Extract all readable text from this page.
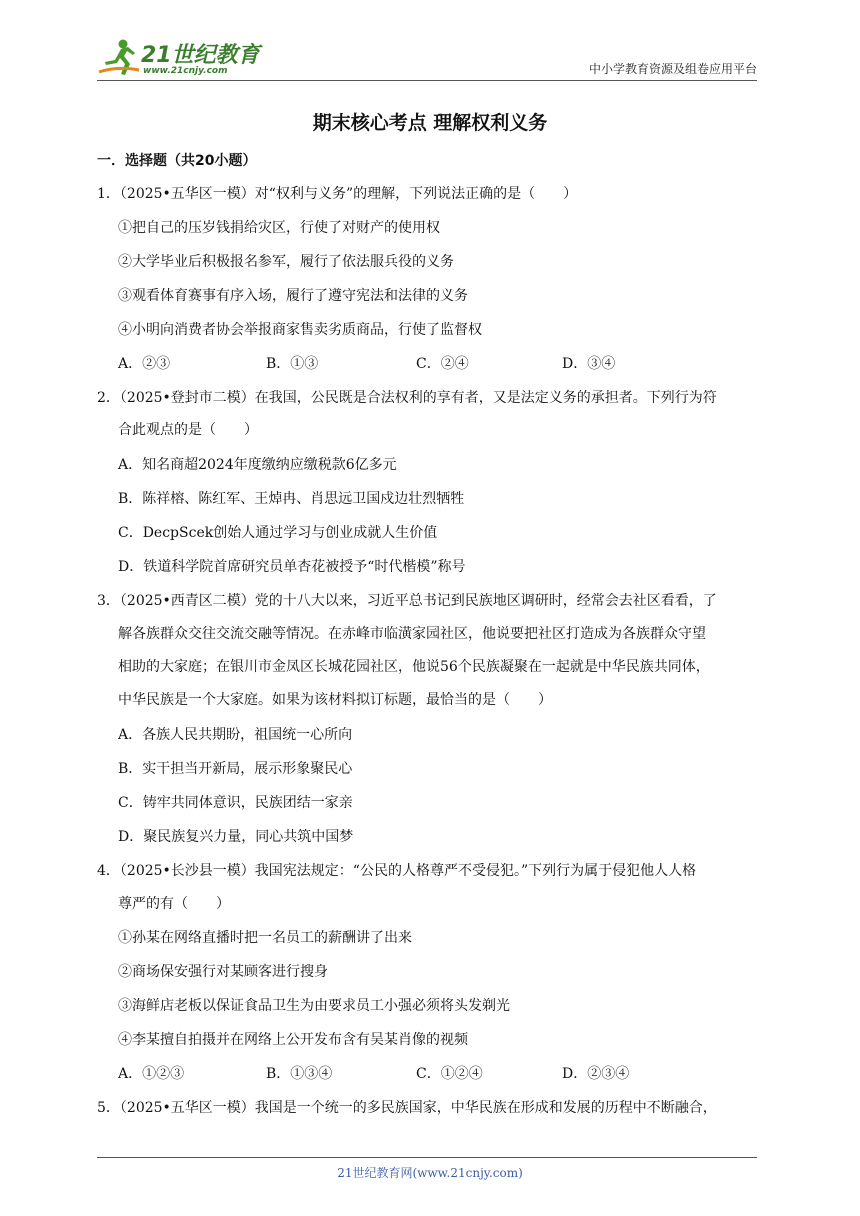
21世纪教育
www.21cnjy.com	中小学教育资源及组卷应用平台
期末核心考点 理解权利义务
一．选择题（共20小题）
1．（2025•五华区一模）对“权利与义务”的理解，下列说法正确的是（　　）
①把自己的压岁钱捐给灾区，行使了对财产的使用权
②大学毕业后积极报名参军，履行了依法服兵役的义务
③观看体育赛事有序入场，履行了遵守宪法和法律的义务
④小明向消费者协会举报商家售卖劣质商品，行使了监督权
A．②③	B．①③	C．②④	D．③④
2．（2025•登封市二模）在我国，公民既是合法权利的享有者，又是法定义务的承担者。下列行为符
合此观点的是（　　）
A．知名商超2024年度缴纳应缴税款6亿多元
B．陈祥榕、陈红军、王焯冉、肖思远卫国戍边壮烈牺牲
C．DecpScek创始人通过学习与创业成就人生价值
D．铁道科学院首席研究员单杏花被授予“时代楷模”称号
3．（2025•西青区二模）党的十八大以来，习近平总书记到民族地区调研时，经常会去社区看看，了
解各族群众交往交流交融等情况。在赤峰市临潢家园社区，他说要把社区打造成为各族群众守望
相助的大家庭；在银川市金凤区长城花园社区，他说56个民族凝聚在一起就是中华民族共同体，
中华民族是一个大家庭。如果为该材料拟订标题，最恰当的是（　　）
A．各族人民共期盼，祖国统一心所向
B．实干担当开新局，展示形象聚民心
C．铸牢共同体意识，民族团结一家亲
D．聚民族复兴力量，同心共筑中国梦
4．（2025•长沙县一模）我国宪法规定：“公民的人格尊严不受侵犯。”下列行为属于侵犯他人人格
尊严的有（　　）
①孙某在网络直播时把一名员工的薪酬讲了出来
②商场保安强行对某顾客进行搜身
③海鲜店老板以保证食品卫生为由要求员工小强必须将头发剃光
④李某擅自拍摄并在网络上公开发布含有吴某肖像的视频
A．①②③	B．①③④	C．①②④	D．②③④
5．（2025•五华区一模）我国是一个统一的多民族国家，中华民族在形成和发展的历程中不断融合，
21世纪教育网(www.21cnjy.com)
